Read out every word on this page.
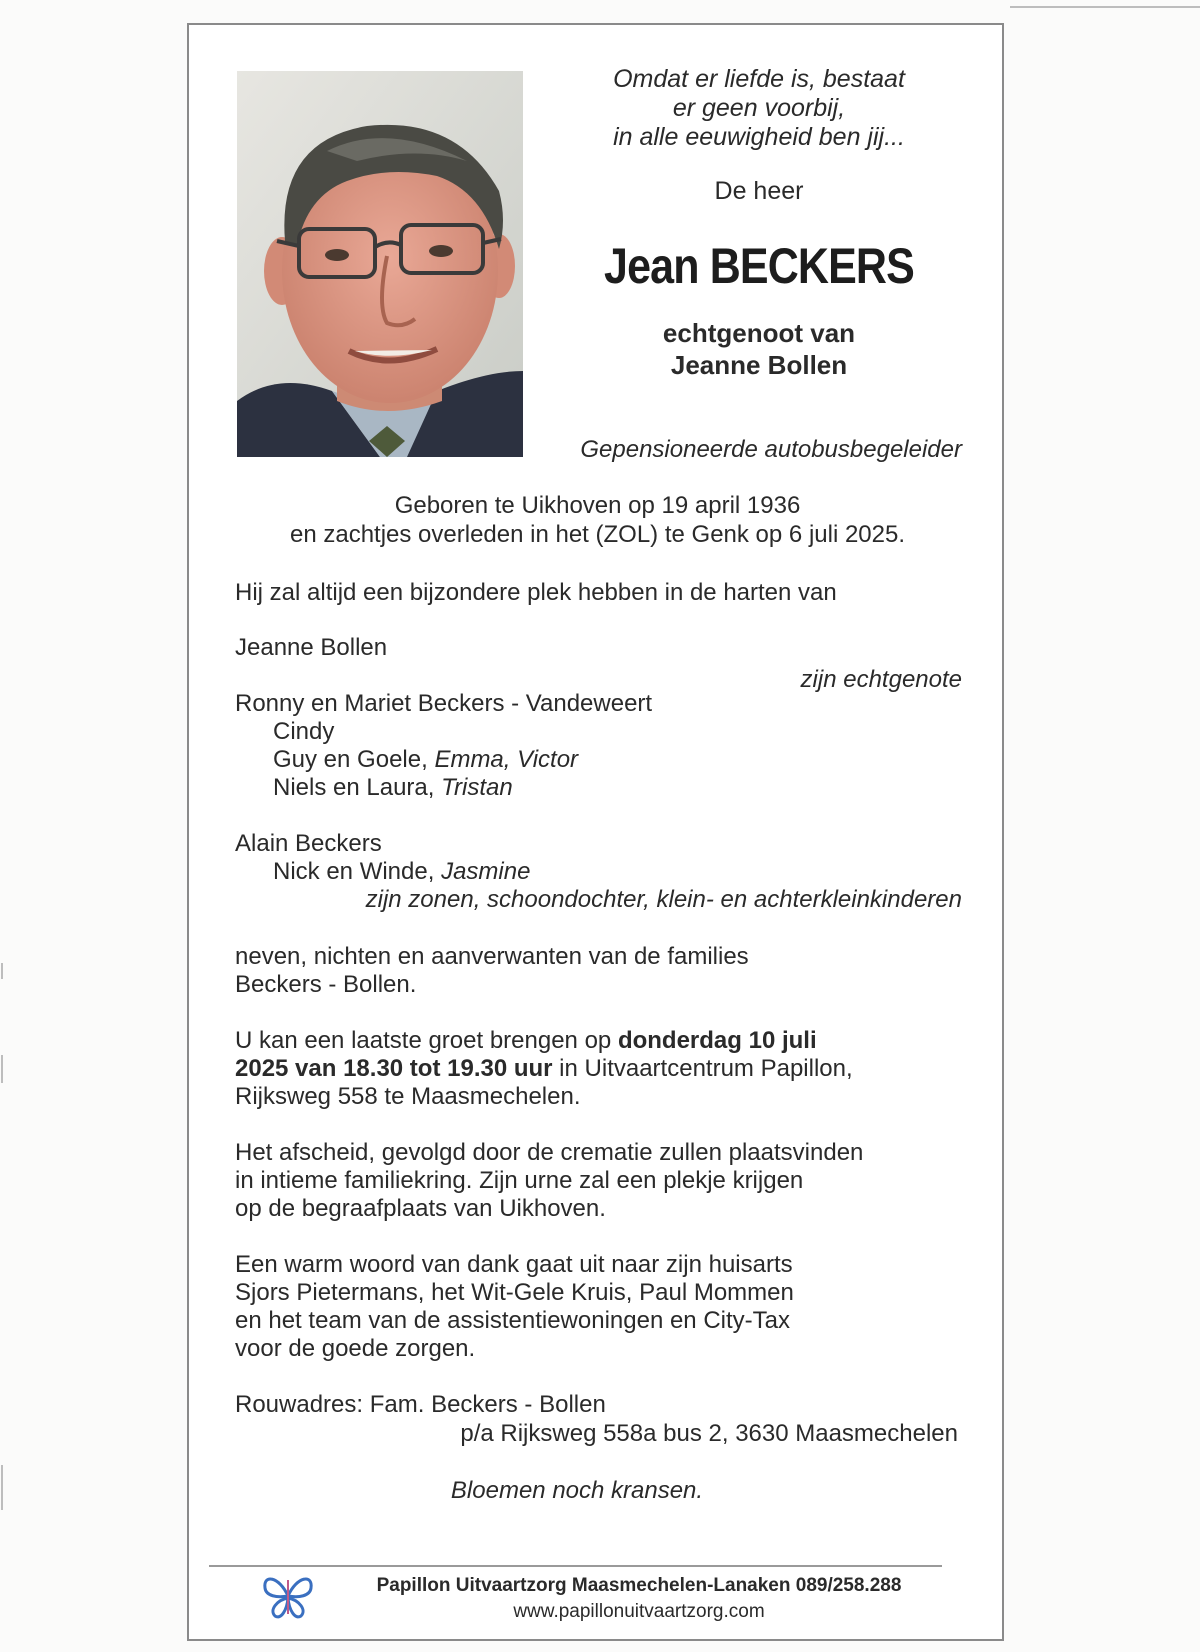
Omdat er liefde is, bestaat
er geen voorbij,
in alle eeuwigheid ben jij...
De heer
Jean BECKERS
echtgenoot van
Jeanne Bollen
Gepensioneerde autobusbegeleider
Geboren te Uikhoven op 19 april 1936
en zachtjes overleden in het (ZOL) te Genk op 6 juli 2025.
Hij zal altijd een bijzondere plek hebben in de harten van
Jeanne Bollen
zijn echtgenote
Ronny en Mariet Beckers - Vandeweert
Cindy
Guy en Goele, Emma, Victor
Niels en Laura, Tristan
Alain Beckers
Nick en Winde, Jasmine
zijn zonen, schoondochter, klein- en achterkleinkinderen
neven, nichten en aanverwanten van de families
Beckers - Bollen.
U kan een laatste groet brengen op donderdag 10 juli
2025 van 18.30 tot 19.30 uur in Uitvaartcentrum Papillon,
Rijksweg 558 te Maasmechelen.
Het afscheid, gevolgd door de crematie zullen plaatsvinden
in intieme familiekring. Zijn urne zal een plekje krijgen
op de begraafplaats van Uikhoven.
Een warm woord van dank gaat uit naar zijn huisarts
Sjors Pietermans, het Wit-Gele Kruis, Paul Mommen
en het team van de assistentiewoningen en City-Tax
voor de goede zorgen.
Rouwadres: Fam. Beckers - Bollen
p/a Rijksweg 558a bus 2, 3630 Maasmechelen
Bloemen noch kransen.
Papillon Uitvaartzorg Maasmechelen-Lanaken 089/258.288
www.papillonuitvaartzorg.com
